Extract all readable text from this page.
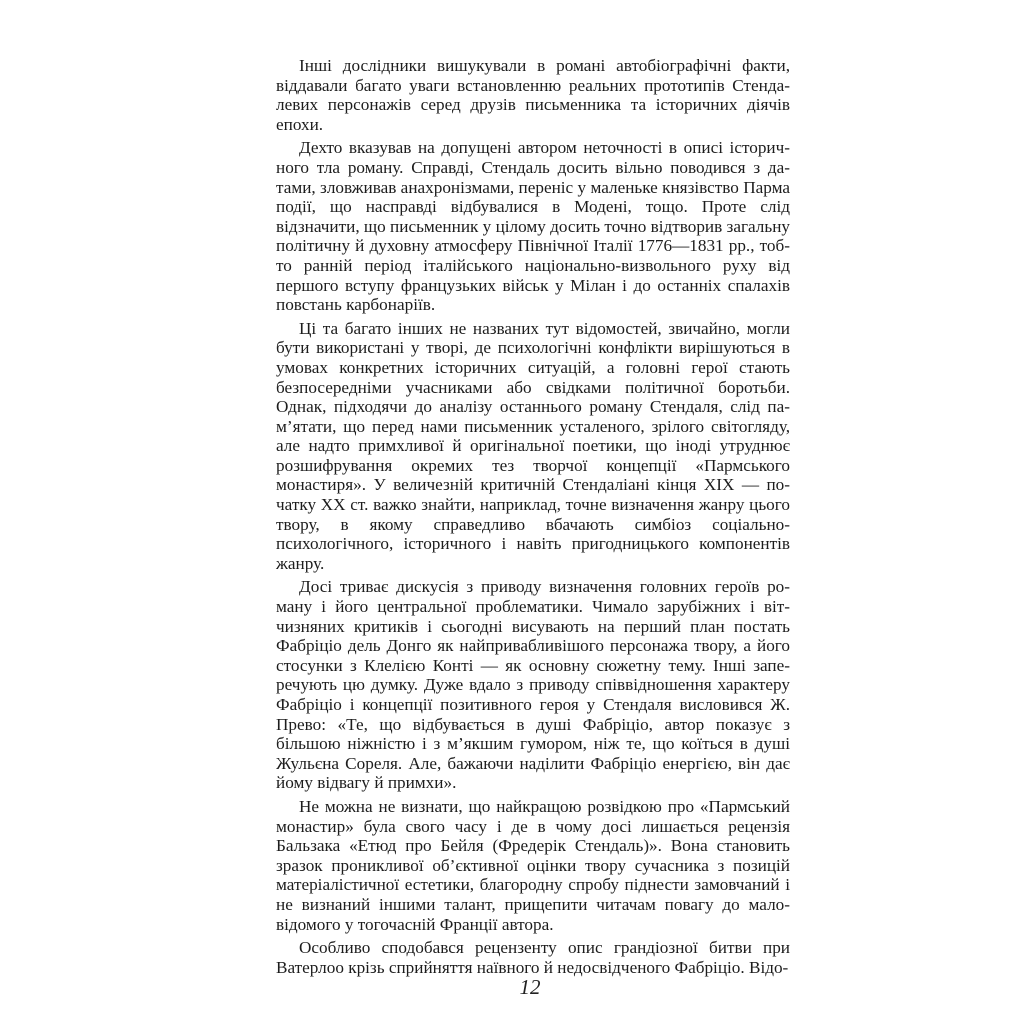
Інші дослідники вишукували в романі автобіографічні факти, віддавали багато уваги встановленню реальних прототипів Стендалевих персонажів серед друзів письменника та історичних діячів епохи.

Дехто вказував на допущені автором неточності в описі історичного тла роману. Справді, Стендаль досить вільно поводився з датами, зловживав анахронізмами, переніс у маленьке князівство Парма події, що насправді відбувалися в Модені, тощо. Проте слід відзначити, що письменник у цілому досить точно відтворив загальну політичну й духовну атмосферу Північної Італії 1776—1831 рр., тобто ранній період італійського національно-визвольного руху від першого вступу французьких військ у Мілан і до останніх спалахів повстань карбонаріїв.

Ці та багато інших не названих тут відомостей, звичайно, могли бути використані у творі, де психологічні конфлікти вирішуються в умовах конкретних історичних ситуацій, а головні герої стають безпосередніми учасниками або свідками політичної боротьби. Однак, підходячи до аналізу останнього роману Стендаля, слід пам’ятати, що перед нами письменник усталеного, зрілого світогляду, але надто примхливої й оригінальної поетики, що іноді утруднює розшифрування окремих тез творчої концепції «Пармського монастиря». У величезній критичній Стендаліані кінця XIX — початку XX ст. важко знайти, наприклад, точне визначення жанру цього твору, в якому справедливо вбачають симбіоз соціально-психологічного, історичного і навіть пригодницького компонентів жанру.

Досі триває дискусія з приводу визначення головних героїв роману і його центральної проблематики. Чимало зарубіжних і вітчизняних критиків і сьогодні висувають на перший план постать Фабріціо дель Донго як найпривабливішого персонажа твору, а його стосунки з Клелією Конті — як основну сюжетну тему. Інші заперечують цю думку. Дуже вдало з приводу співвідношення характеру Фабріціо і концепції позитивного героя у Стендаля висловився Ж. Прево: «Те, що відбувається в душі Фабріціо, автор показує з більшою ніжністю і з м’якшим гумором, ніж те, що коїться в душі Жульєна Сореля. Але, бажаючи наділити Фабріціо енергією, він дає йому відвагу й примхи».

Не можна не визнати, що найкращою розвідкою про «Пармський монастир» була свого часу і де в чому досі лишається рецензія Бальзака «Етюд про Бейля (Фредерік Стендаль)». Вона становить зразок проникливої об’єктивної оцінки твору сучасника з позицій матеріалістичної естетики, благородну спробу піднести замовчаний і не визнаний іншими талант, прищепити читачам повагу до маловідомого у тогочасній Франції автора.

Особливо сподобався рецензенту опис грандіозної битви при Ватерлоо крізь сприйняття наївного й недосвідченого Фабріціо. Відо-

12
